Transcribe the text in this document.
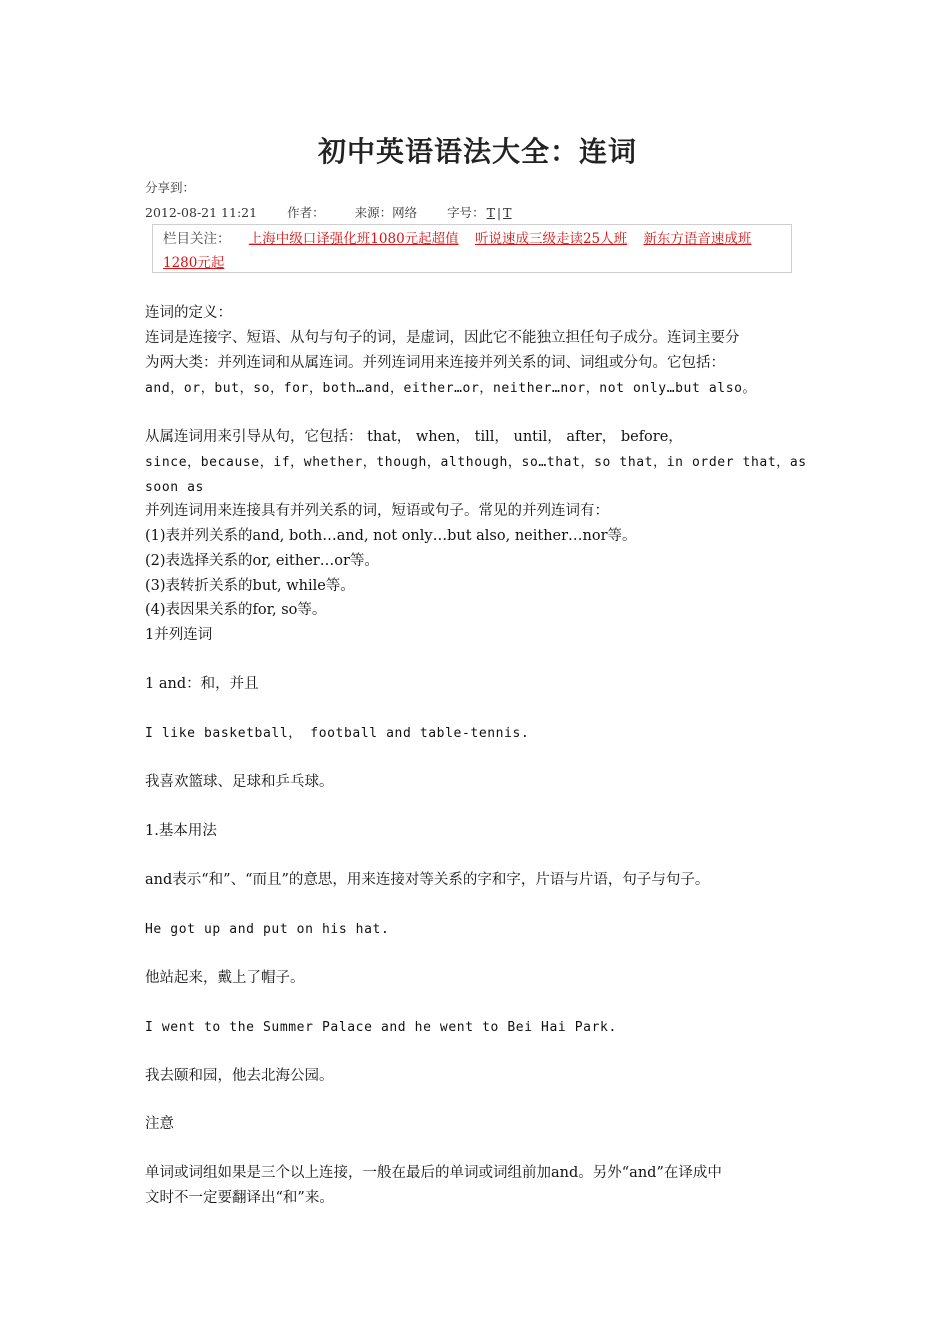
初中英语语法大全：连词
分享到：
2012-08-21 11:21 作者： 来源：网络 字号： T | T
栏目关注： 上海中级口译强化班1080元起超值 听说速成三级走读25人班 新东方语音速成班
1280元起
连词的定义：
连词是连接字、短语、从句与句子的词，是虚词，因此它不能独立担任句子成分。连词主要分
为两大类：并列连词和从属连词。并列连词用来连接并列关系的词、词组或分句。它包括：
and，or，but，so，for，both…and，either…or，neither…nor，not only…but also。
从属连词用来引导从句，它包括： that， when， till， until， after， before，
since，because，if，whether，though，although，so…that，so that，in order that，as
soon as
并列连词用来连接具有并列关系的词，短语或句子。常见的并列连词有：
(1)表并列关系的and, both…and, not only…but also, neither…nor等。
(2)表选择关系的or, either…or等。
(3)表转折关系的but, while等。
(4)表因果关系的for, so等。
1并列连词
1 and：和，并且
I like basketball， football and table-tennis.
我喜欢篮球、足球和乒乓球。
1.基本用法
and表示“和”、“而且”的意思，用来连接对等关系的字和字，片语与片语，句子与句子。
He got up and put on his hat.
他站起来，戴上了帽子。
I went to the Summer Palace and he went to Bei Hai Park.
我去颐和园，他去北海公园。
注意
单词或词组如果是三个以上连接，一般在最后的单词或词组前加and。另外“and”在译成中
文时不一定要翻译出“和”来。
